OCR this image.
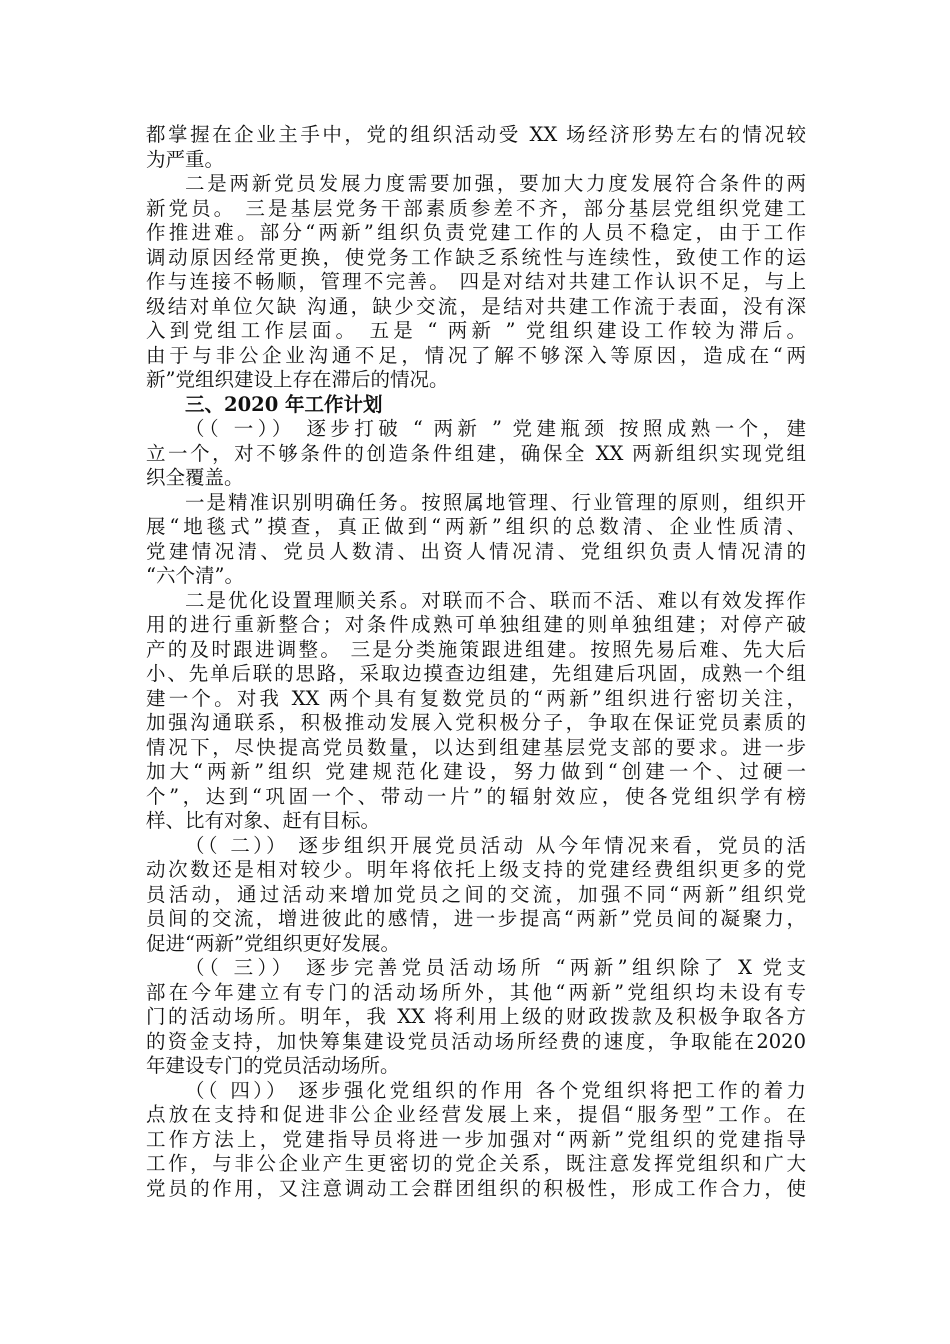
都掌握在企业主手中，党的组织活动受 XX 场经济形势左右的情况较
为严重。
二是两新党员发展力度需要加强，要加大力度发展符合条件的两
新党员。 三是基层党务干部素质参差不齐，部分基层党组织党建工
作推进难。部分“两新”组织负责党建工作的人员不稳定，由于工作
调动原因经常更换，使党务工作缺乏系统性与连续性，致使工作的运
作与连接不畅顺，管理不完善。 四是对结对共建工作认识不足，与上
级结对单位欠缺 沟通，缺少交流，是结对共建工作流于表面，没有深
入到党组工作层面。 五是 “ 两新 ” 党组织建设工作较为滞后。
由于与非公企业沟通不足，情况了解不够深入等原因，造成在“两
新”党组织建设上存在滞后的情况。
三、2020 年工作计划
（（ 一）） 逐步打破 “ 两新 ” 党建瓶颈 按照成熟一个，建
立一个，对不够条件的创造条件组建，确保全 XX 两新组织实现党组
织全覆盖。
一是精准识别明确任务。按照属地管理、行业管理的原则，组织开
展“地毯式”摸查，真正做到“两新”组织的总数清、企业性质清、
党建情况清、党员人数清、出资人情况清、党组织负责人情况清的
“六个清”。
二是优化设置理顺关系。对联而不合、联而不活、难以有效发挥作
用的进行重新整合；对条件成熟可单独组建的则单独组建；对停产破
产的及时跟进调整。 三是分类施策跟进组建。按照先易后难、先大后
小、先单后联的思路，采取边摸查边组建，先组建后巩固，成熟一个组
建一个。对我 XX 两个具有复数党员的“两新”组织进行密切关注，
加强沟通联系，积极推动发展入党积极分子，争取在保证党员素质的
情况下，尽快提高党员数量，以达到组建基层党支部的要求。进一步
加大“两新”组织 党建规范化建设，努力做到“创建一个、过硬一
个”，达到“巩固一个、带动一片”的辐射效应，使各党组织学有榜
样、比有对象、赶有目标。
（（ 二）） 逐步组织开展党员活动 从今年情况来看，党员的活
动次数还是相对较少。明年将依托上级支持的党建经费组织更多的党
员活动，通过活动来增加党员之间的交流，加强不同“两新”组织党
员间的交流，增进彼此的感情，进一步提高“两新”党员间的凝聚力，
促进“两新”党组织更好发展。
（（ 三）） 逐步完善党员活动场所 “两新”组织除了 X 党支
部在今年建立有专门的活动场所外，其他“两新”党组织均未设有专
门的活动场所。明年，我 XX 将利用上级的财政拨款及积极争取各方
的资金支持，加快筹集建设党员活动场所经费的速度，争取能在2020
年建设专门的党员活动场所。
（（ 四）） 逐步强化党组织的作用 各个党组织将把工作的着力
点放在支持和促进非公企业经营发展上来，提倡“服务型”工作。在
工作方法上，党建指导员将进一步加强对“两新”党组织的党建指导
工作，与非公企业产生更密切的党企关系，既注意发挥党组织和广大
党员的作用，又注意调动工会群团组织的积极性，形成工作合力，使
